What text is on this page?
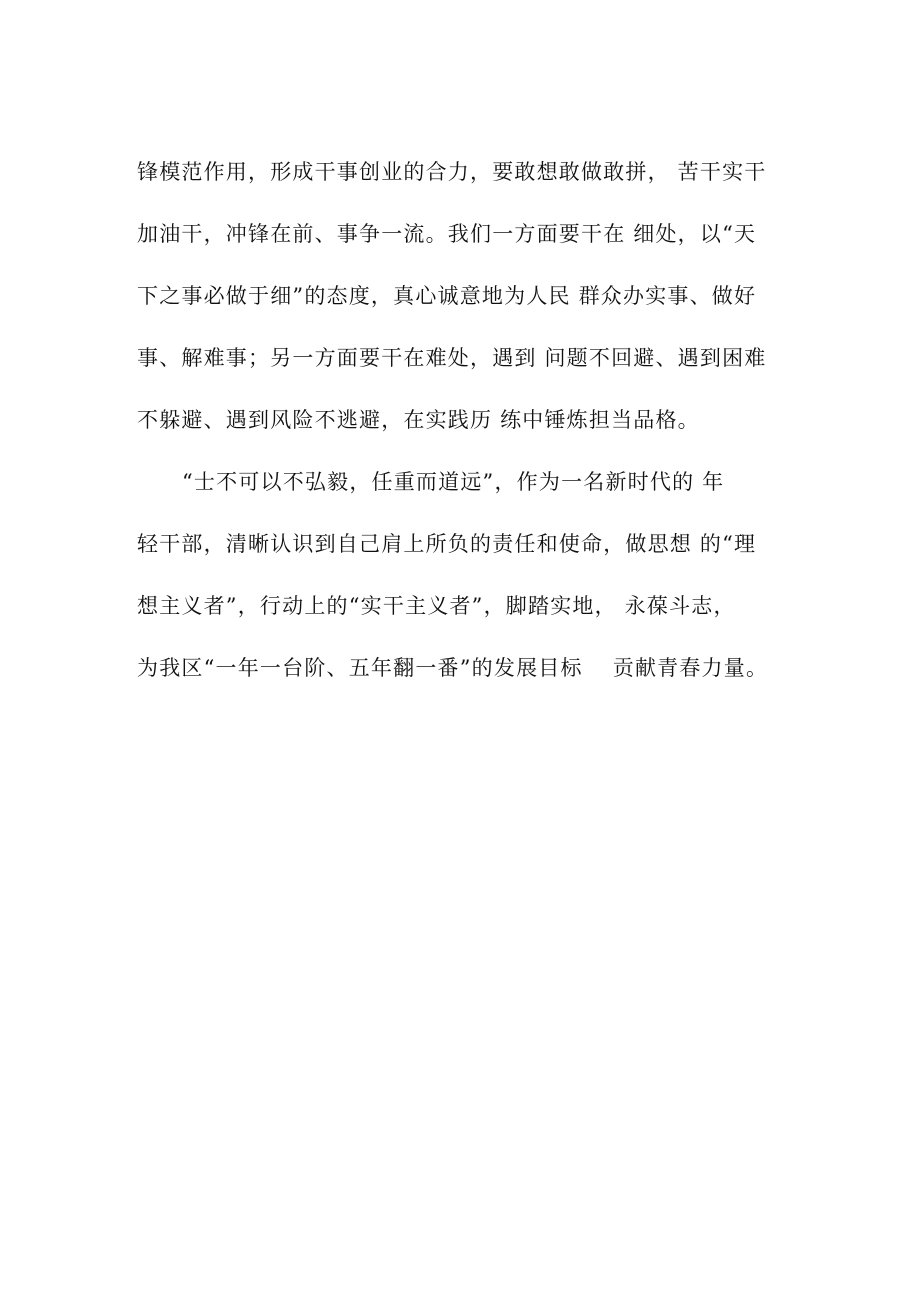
锋模范作用，形成干事创业的合力，要敢想敢做敢拼， 苦干实干
加油干，冲锋在前、事争一流。我们一方面要干在 细处，以“天
下之事必做于细”的态度，真心诚意地为人民 群众办实事、做好
事、解难事；另一方面要干在难处，遇到 问题不回避、遇到困难
不躲避、遇到风险不逃避，在实践历 练中锤炼担当品格。
“士不可以不弘毅，任重而道远”，作为一名新时代的 年
轻干部，清晰认识到自己肩上所负的责任和使命，做思想 的“理
想主义者”，行动上的“实干主义者”，脚踏实地， 永葆斗志，
为我区“一年一台阶、五年翻一番”的发展目标　 贡献青春力量。
